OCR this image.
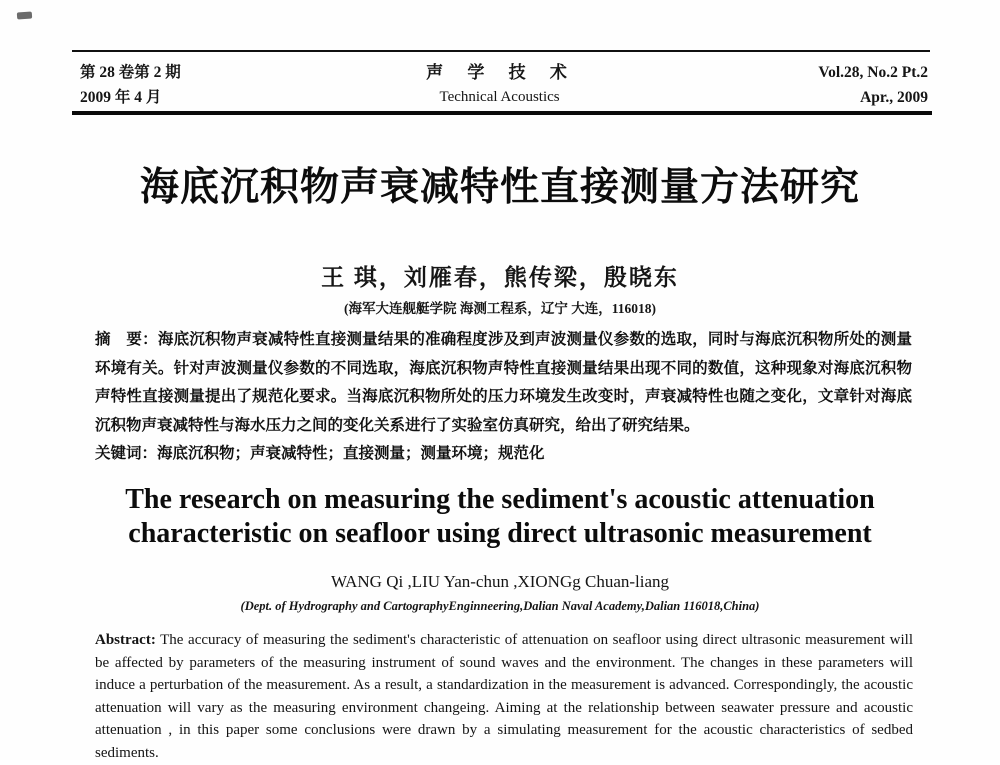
第 28 卷第 2 期
2009 年 4 月
声 学 技 术
Technical Acoustics
Vol.28, No.2 Pt.2
Apr., 2009
海底沉积物声衰减特性直接测量方法研究
王 琪，刘雁春，熊传梁，殷晓东
(海军大连舰艇学院 海测工程系，辽宁 大连，116018)

摘　要：海底沉积物声衰减特性直接测量结果的准确程度涉及到声波测量仪参数的选取，同时与海底沉积物所处的测量环境有关。针对声波测量仪参数的不同选取，海底沉积物声特性直接测量结果出现不同的数值，这种现象对海底沉积物声特性直接测量提出了规范化要求。当海底沉积物所处的压力环境发生改变时，声衰减特性也随之变化，文章针对海底沉积物声衰减特性与海水压力之间的变化关系进行了实验室仿真研究，给出了研究结果。

关键词：海底沉积物；声衰减特性；直接测量；测量环境；规范化

The research on measuring the sediment's acoustic attenuation
characteristic on seafloor using direct ultrasonic measurement
WANG Qi ,LIU Yan-chun ,XIONGg Chuan-liang
(Dept. of Hydrography and CartographyEnginneering,Dalian Naval Academy,Dalian 116018,China)

Abstract: The accuracy of measuring the sediment's characteristic of attenuation on seafloor using direct ultrasonic measurement will be affected by parameters of the measuring instrument of sound waves and the environment. The changes in these parameters will induce a perturbation of the measurement. As a result, a standardization in the measurement is advanced. Correspondingly, the acoustic attenuation will vary as the measuring environment changeing. Aiming at the relationship between seawater pressure and acoustic attenuation , in this paper some conclusions were drawn by a simulating measurement for the acoustic characteristics of sedbed sediments.
